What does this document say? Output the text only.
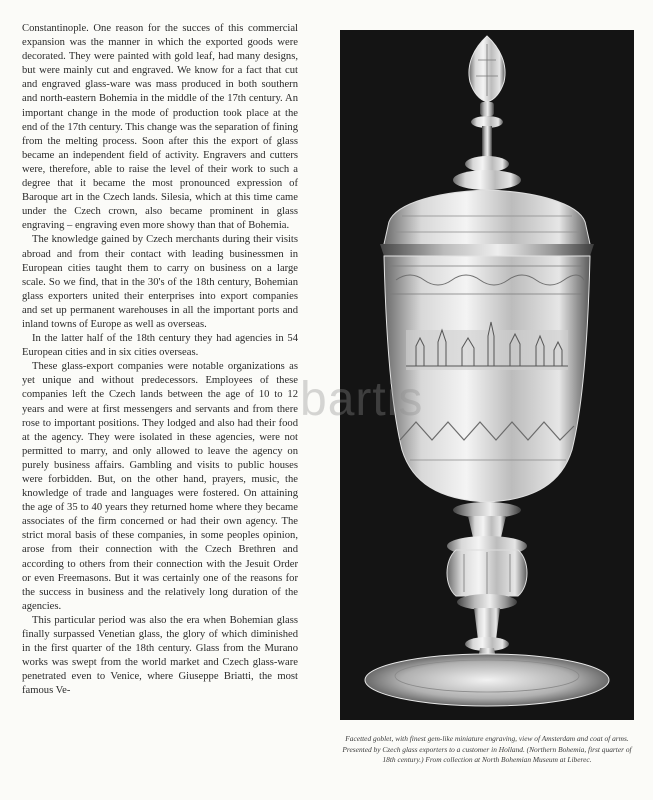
Constantinople. One reason for the succes of this commercial expansion was the manner in which the exported goods were decorated. They were painted with gold leaf, had many designs, but were mainly cut and engraved. We know for a fact that cut and engraved glass-ware was mass produced in both southern and north-eastern Bohemia in the middle of the 17th century. An important change in the mode of production took place at the end of the 17th century. This change was the separation of fining from the melting process. Soon after this the export of glass became an independent field of activity. Engravers and cutters were, therefore, able to raise the level of their work to such a degree that it became the most pronounced expression of Baroque art in the Czech lands. Silesia, which at this time came under the Czech crown, also became prominent in glass engraving – engraving even more showy than that of Bohemia.

The knowledge gained by Czech merchants during their visits abroad and from their contact with leading businessmen in European cities taught them to carry on business on a large scale. So we find, that in the 30's of the 18th century, Bohemian glass exporters united their enterprises into export companies and set up permanent warehouses in all the important ports and inland towns of Europe as well as overseas.

In the latter half of the 18th century they had agencies in 54 European cities and in six cities overseas.

These glass-export companies were notable organizations as yet unique and without predecessors. Employees of these companies left the Czech lands between the age of 10 to 12 years and were at first messengers and servants and from there rose to important positions. They lodged and also had their food at the agency. They were isolated in these agencies, were not permitted to marry, and only allowed to leave the agency on purely business affairs. Gambling and visits to public houses were forbidden. But, on the other hand, prayers, music, the knowledge of trade and languages were fostered. On attaining the age of 35 to 40 years they returned home where they became associates of the firm concerned or had their own agency. The strict moral basis of these companies, in some peoples opinion, arose from their connection with the Czech Brethren and according to others from their connection with the Jesuit Order or even Freemasons. But it was certainly one of the reasons for the success in business and the relatively long duration of the agencies.

This particular period was also the era when Bohemian glass finally surpassed Venetian glass, the glory of which diminished in the first quarter of the 18th century. Glass from the Murano works was swept from the world market and Czech glass-ware penetrated even to Venice, where Giuseppe Briatti, the most famous Ve-

Facetted goblet, with finest gem-like miniature engraving, view of Amsterdam and coat of arms. Presented by Czech glass exporters to a customer in Holland. (Northern Bohemia, first quarter of 18th century.) From collection at North Bohemian Museum at Liberec.
bartis
